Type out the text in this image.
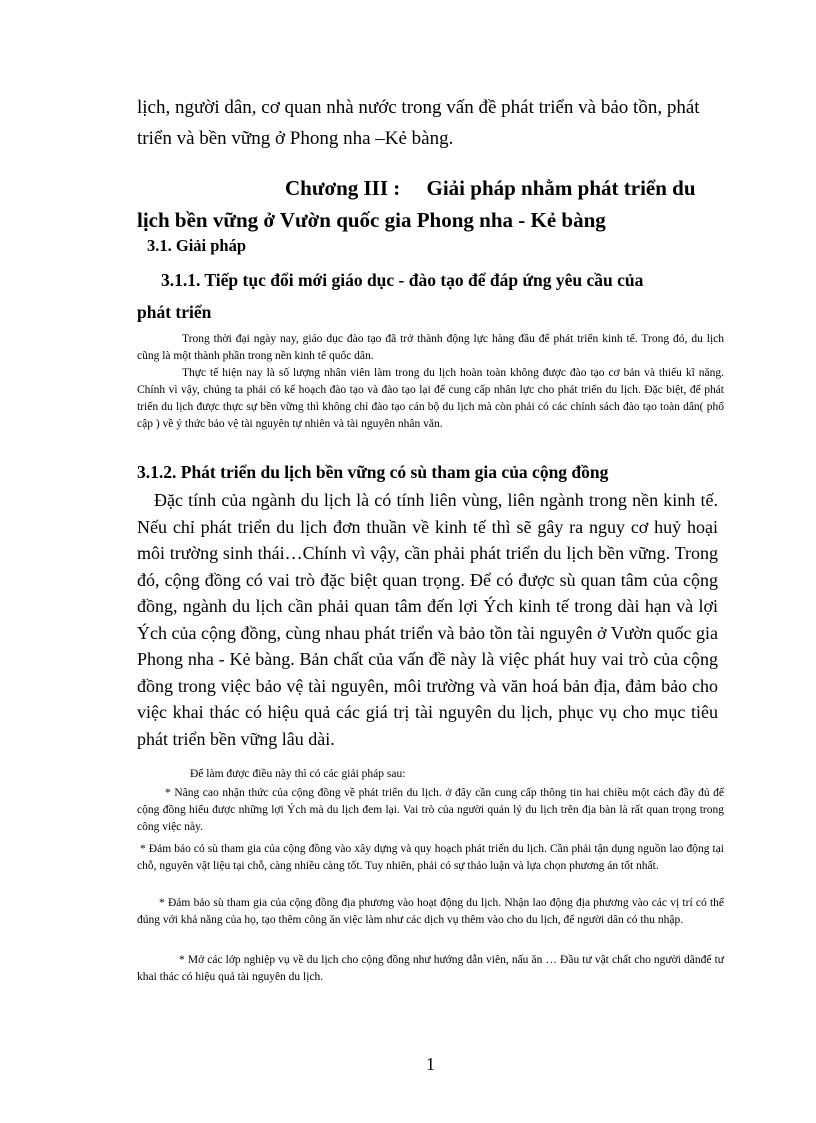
lịch, người dân, cơ quan nhà nước trong vấn đề phát triển và bảo tồn, phát triển và bền vững ở Phong nha –Kẻ bàng.

Chương III :     Giải pháp nhằm phát triển du
lịch bền vững ở Vườn quốc gia Phong nha - Kẻ bàng
3.1. Giải pháp
3.1.1. Tiếp tục đổi mới giáo dục - đào tạo để đáp ứng yêu cầu của
phát triển

Trong thời đại ngày nay, giáo dục đào tạo đã trở thành động lực hàng đầu để phát triển kinh tế. Trong đó, du lịch cũng là một thành phần trong nền kinh tế quốc dân.

Thực tế hiện nay là số lượng nhân viên làm trong du lịch hoàn toàn không được đào tạo cơ bản và thiếu kĩ năng. Chính vì vậy, chúng ta phải có kế hoạch đào tạo và đào tạo lại để cung cấp nhân lực cho phát triển du lịch. Đặc biệt, để phát triển du lịch được thực sự bền vững thì không chỉ đào tạo cán bộ du lịch mà còn phải có các chính sách đào tạo toàn dân( phổ cập ) về ý thức bảo vệ tài nguyên tự nhiên và tài nguyên nhân văn.

3.1.2. Phát triển du lịch bền vững có sù tham gia của cộng đồng

Đặc tính của ngành du lịch là có tính liên vùng, liên ngành trong nền kinh tế. Nếu chỉ phát triển du lịch đơn thuần về kinh tế thì sẽ gây ra nguy cơ huỷ hoại môi trường sinh thái…Chính vì vậy, cần phải phát triển du lịch bền vững. Trong đó, cộng đồng có vai trò đặc biệt quan trọng. Để có được sù quan tâm của cộng đồng, ngành du lịch cần phải quan tâm đến lợi Ých kinh tế trong dài hạn và lợi Ých của cộng đồng, cùng nhau phát triển và bảo tồn tài nguyên ở Vườn quốc gia Phong nha - Kẻ bàng. Bản chất của vấn đề này là việc phát huy vai trò của cộng đồng trong việc bảo vệ tài nguyên, môi trường và văn hoá bản địa, đảm bảo cho việc khai thác có hiệu quả các giá trị tài nguyên du lịch, phục vụ cho mục tiêu phát triển bền vững lâu dài.

Để làm được điều này thì có các giải pháp sau:

* Nâng cao nhận thức của cộng đồng về phát triển du lịch. ở đây cần cung cấp thông tin hai chiều một cách đầy đủ để cộng đồng hiểu được những lợi Ých mà du lịch đem lại. Vai trò của người quản lý du lịch trên địa bàn là rất quan trọng trong công việc này.

* Đảm bảo có sù tham gia của cộng đồng vào xây dựng và quy hoạch phát triển du lịch. Cần phải tận dụng nguồn lao động tại chỗ, nguyên vật liệu tại chỗ, càng nhiều càng tốt. Tuy nhiên, phải có sự thảo luận và lựa chọn phương án tốt nhất.

* Đảm bảo sù tham gia của cộng đồng địa phương vào hoạt động du lịch. Nhận lao động địa phương vào các vị trí có thể đúng với khả năng của họ, tạo thêm công ăn việc làm như các dịch vụ thêm vào cho du lịch, để người dân có thu nhập.

* Mở các lớp nghiệp vụ về du lịch cho cộng đồng như hướng dẫn viên, nấu ăn … Đầu tư vật chất cho người dânđể tư khai thác có hiệu quả tài nguyên du lịch.

1
